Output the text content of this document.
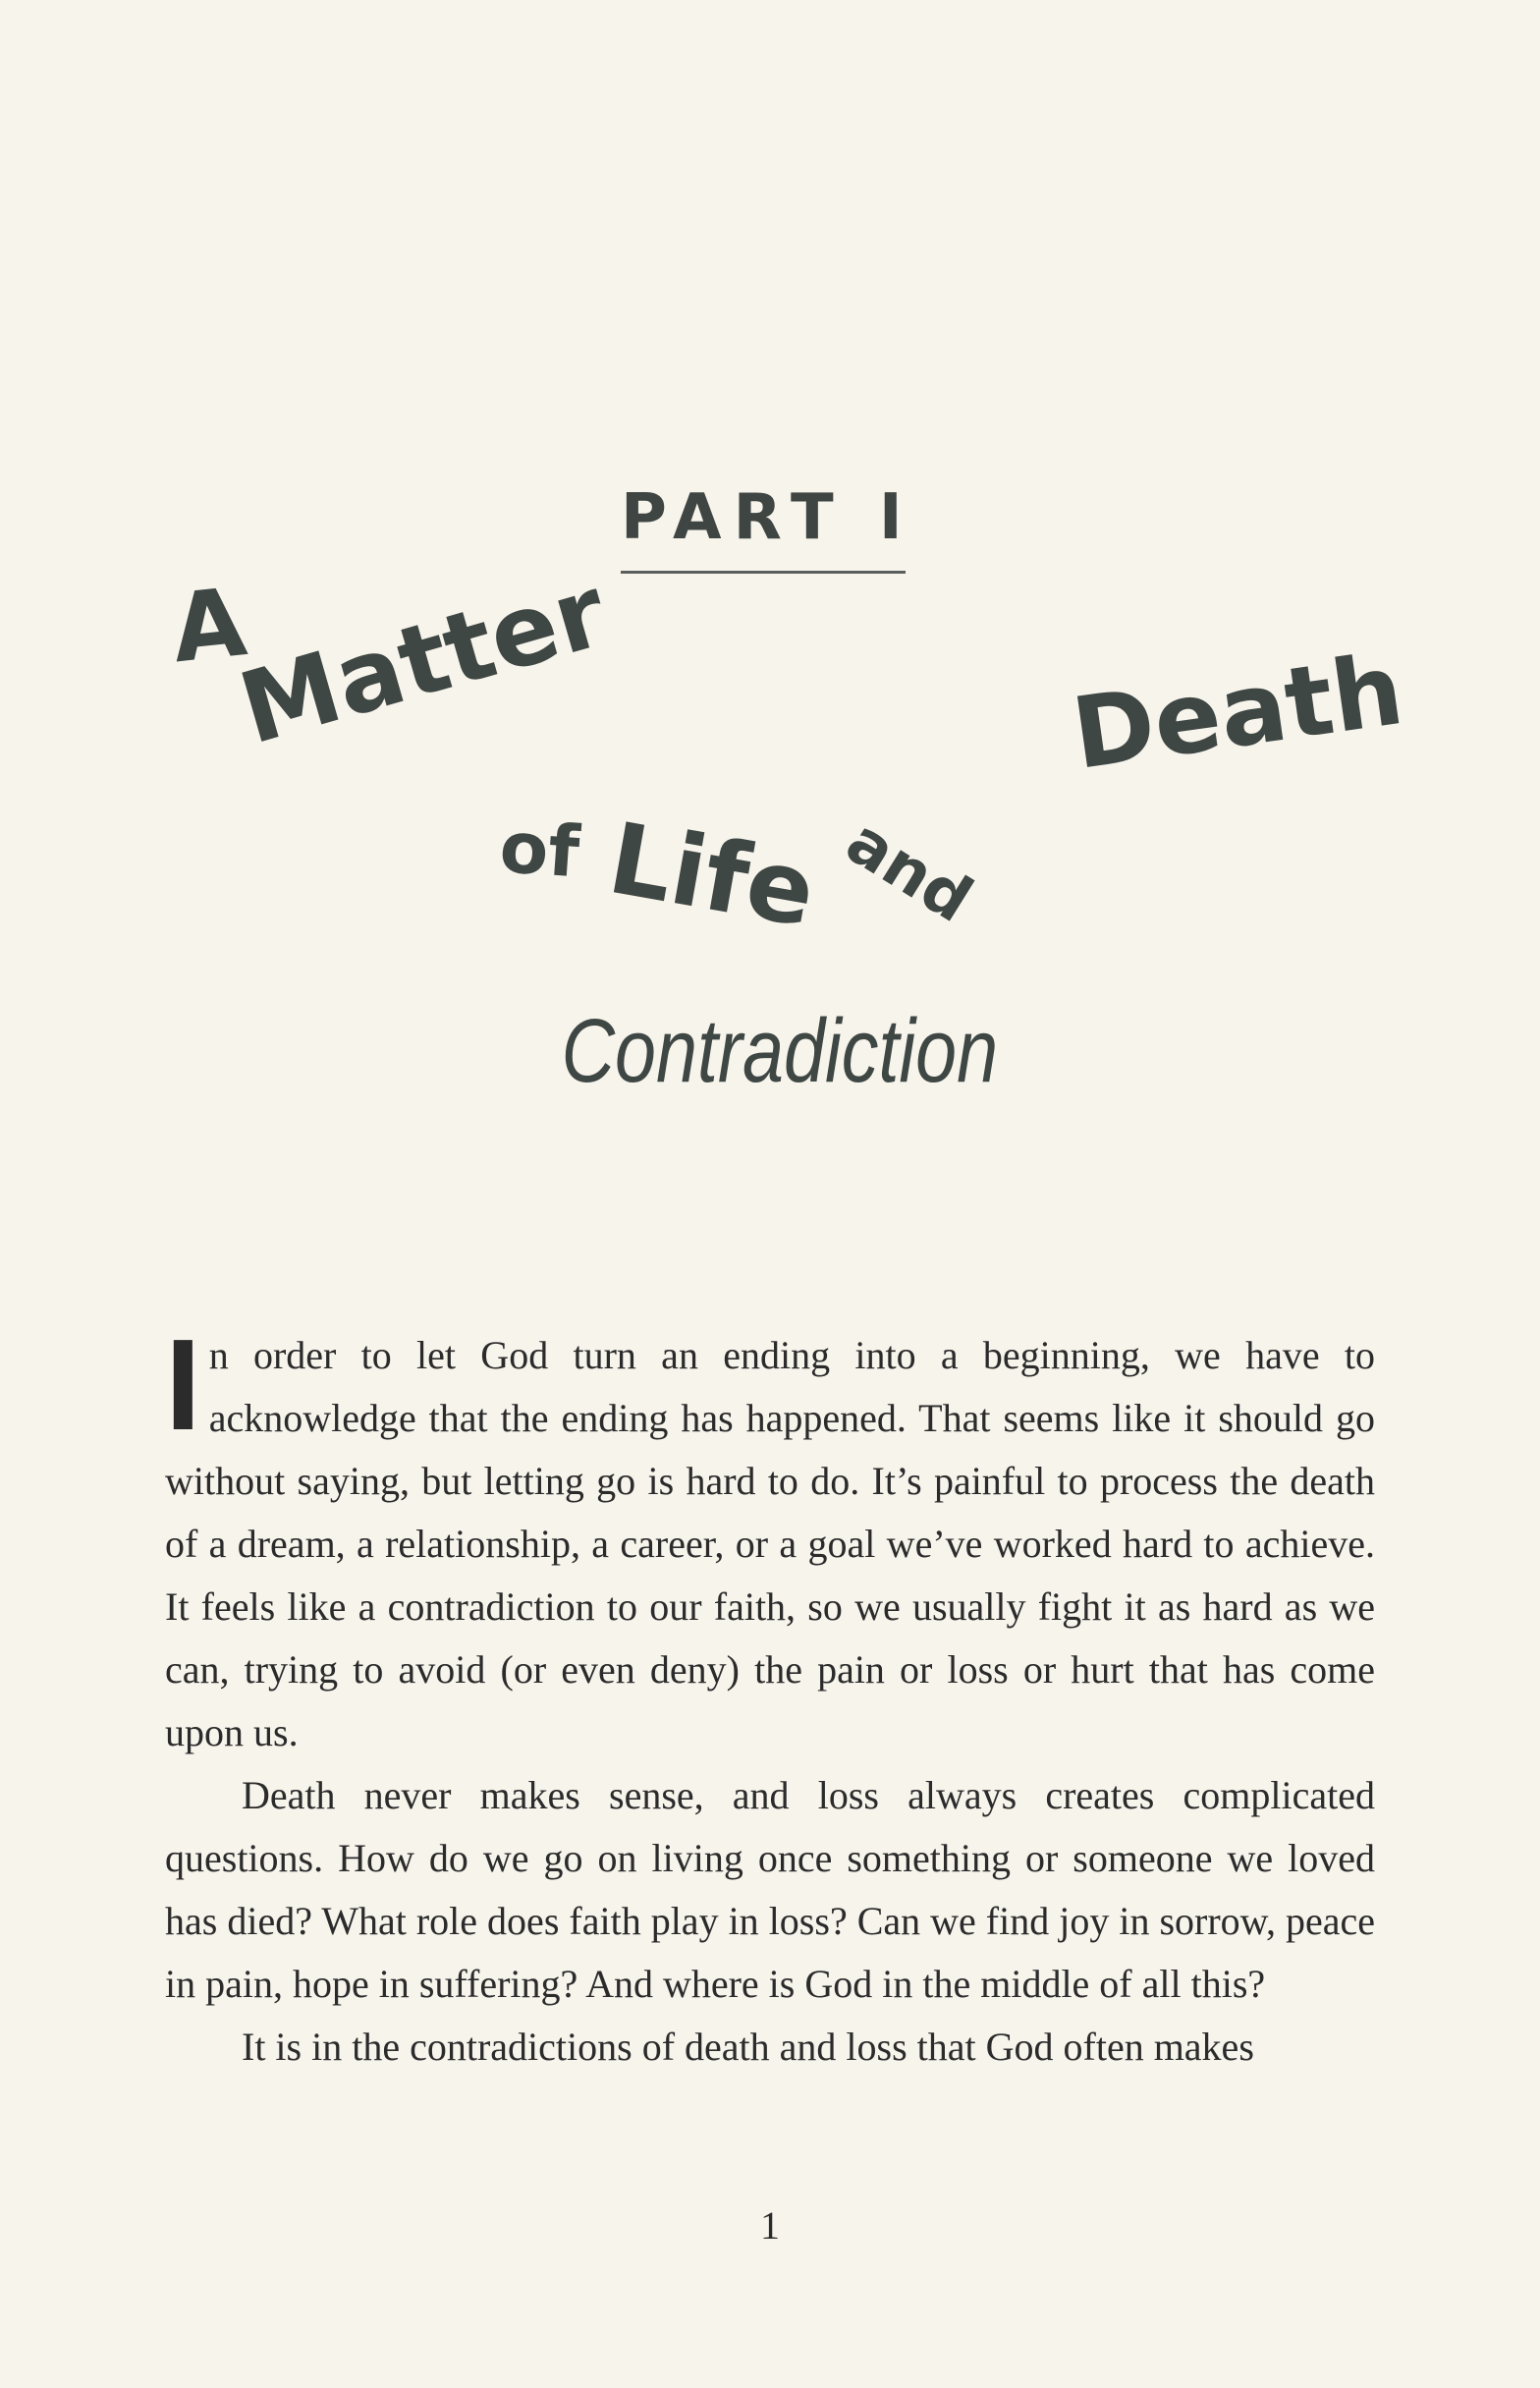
PART I
A
Matter
of Life and
Death
Contradiction

In order to let God turn an ending into a beginning, we have to acknowledge that the ending has happened. That seems like it should go without saying, but letting go is hard to do. It’s painful to process the death of a dream, a relationship, a career, or a goal we’ve worked hard to achieve. It feels like a contradiction to our faith, so we usually fight it as hard as we can, trying to avoid (or even deny) the pain or loss or hurt that has come upon us.

Death never makes sense, and loss always creates complicated questions. How do we go on living once something or someone we loved has died? What role does faith play in loss? Can we find joy in sorrow, peace in pain, hope in suffering? And where is God in the middle of all this?

It is in the contradictions of death and loss that God often makes

1
